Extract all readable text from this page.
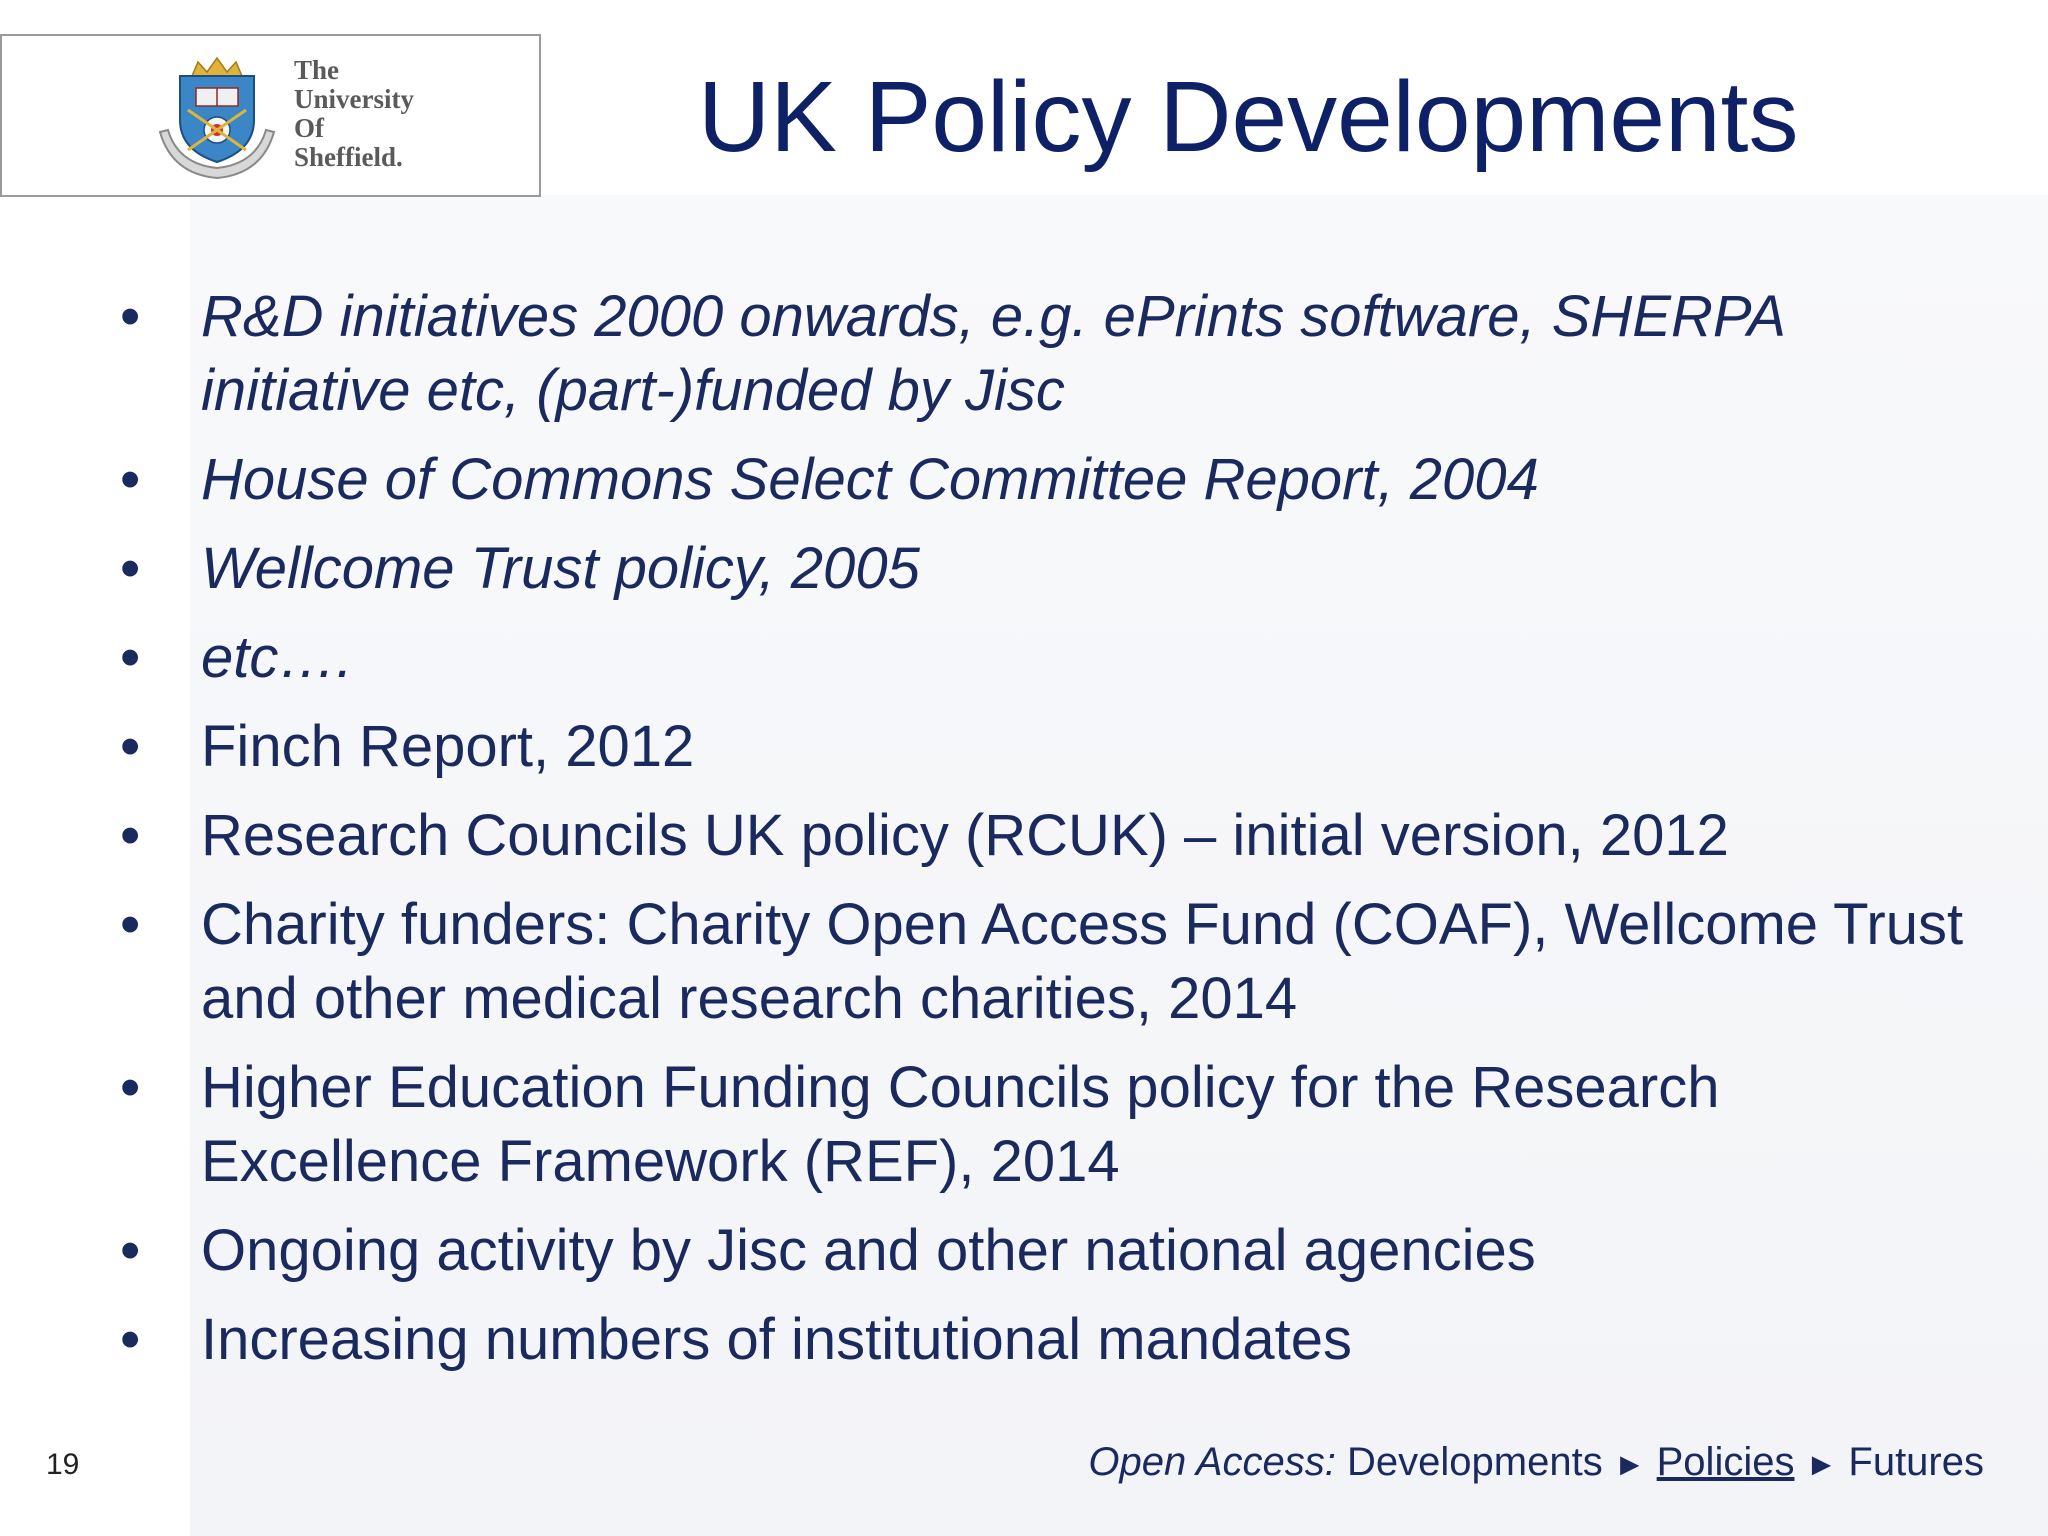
The
University
Of
Sheffield.	UK Policy Developments
• R&D initiatives 2000 onwards, e.g. ePrints software, SHERPA initiative etc, (part-)funded by Jisc
• House of Commons Select Committee Report, 2004
• Wellcome Trust policy, 2005
• etc….
• Finch Report, 2012
• Research Councils UK policy (RCUK) – initial version, 2012
• Charity funders: Charity Open Access Fund (COAF), Wellcome Trust and other medical research charities, 2014
• Higher Education Funding Councils policy for the Research Excellence Framework (REF), 2014
• Ongoing activity by Jisc and other national agencies
• Increasing numbers of institutional mandates
19	Open Access: Developments ► Policies ► Futures
